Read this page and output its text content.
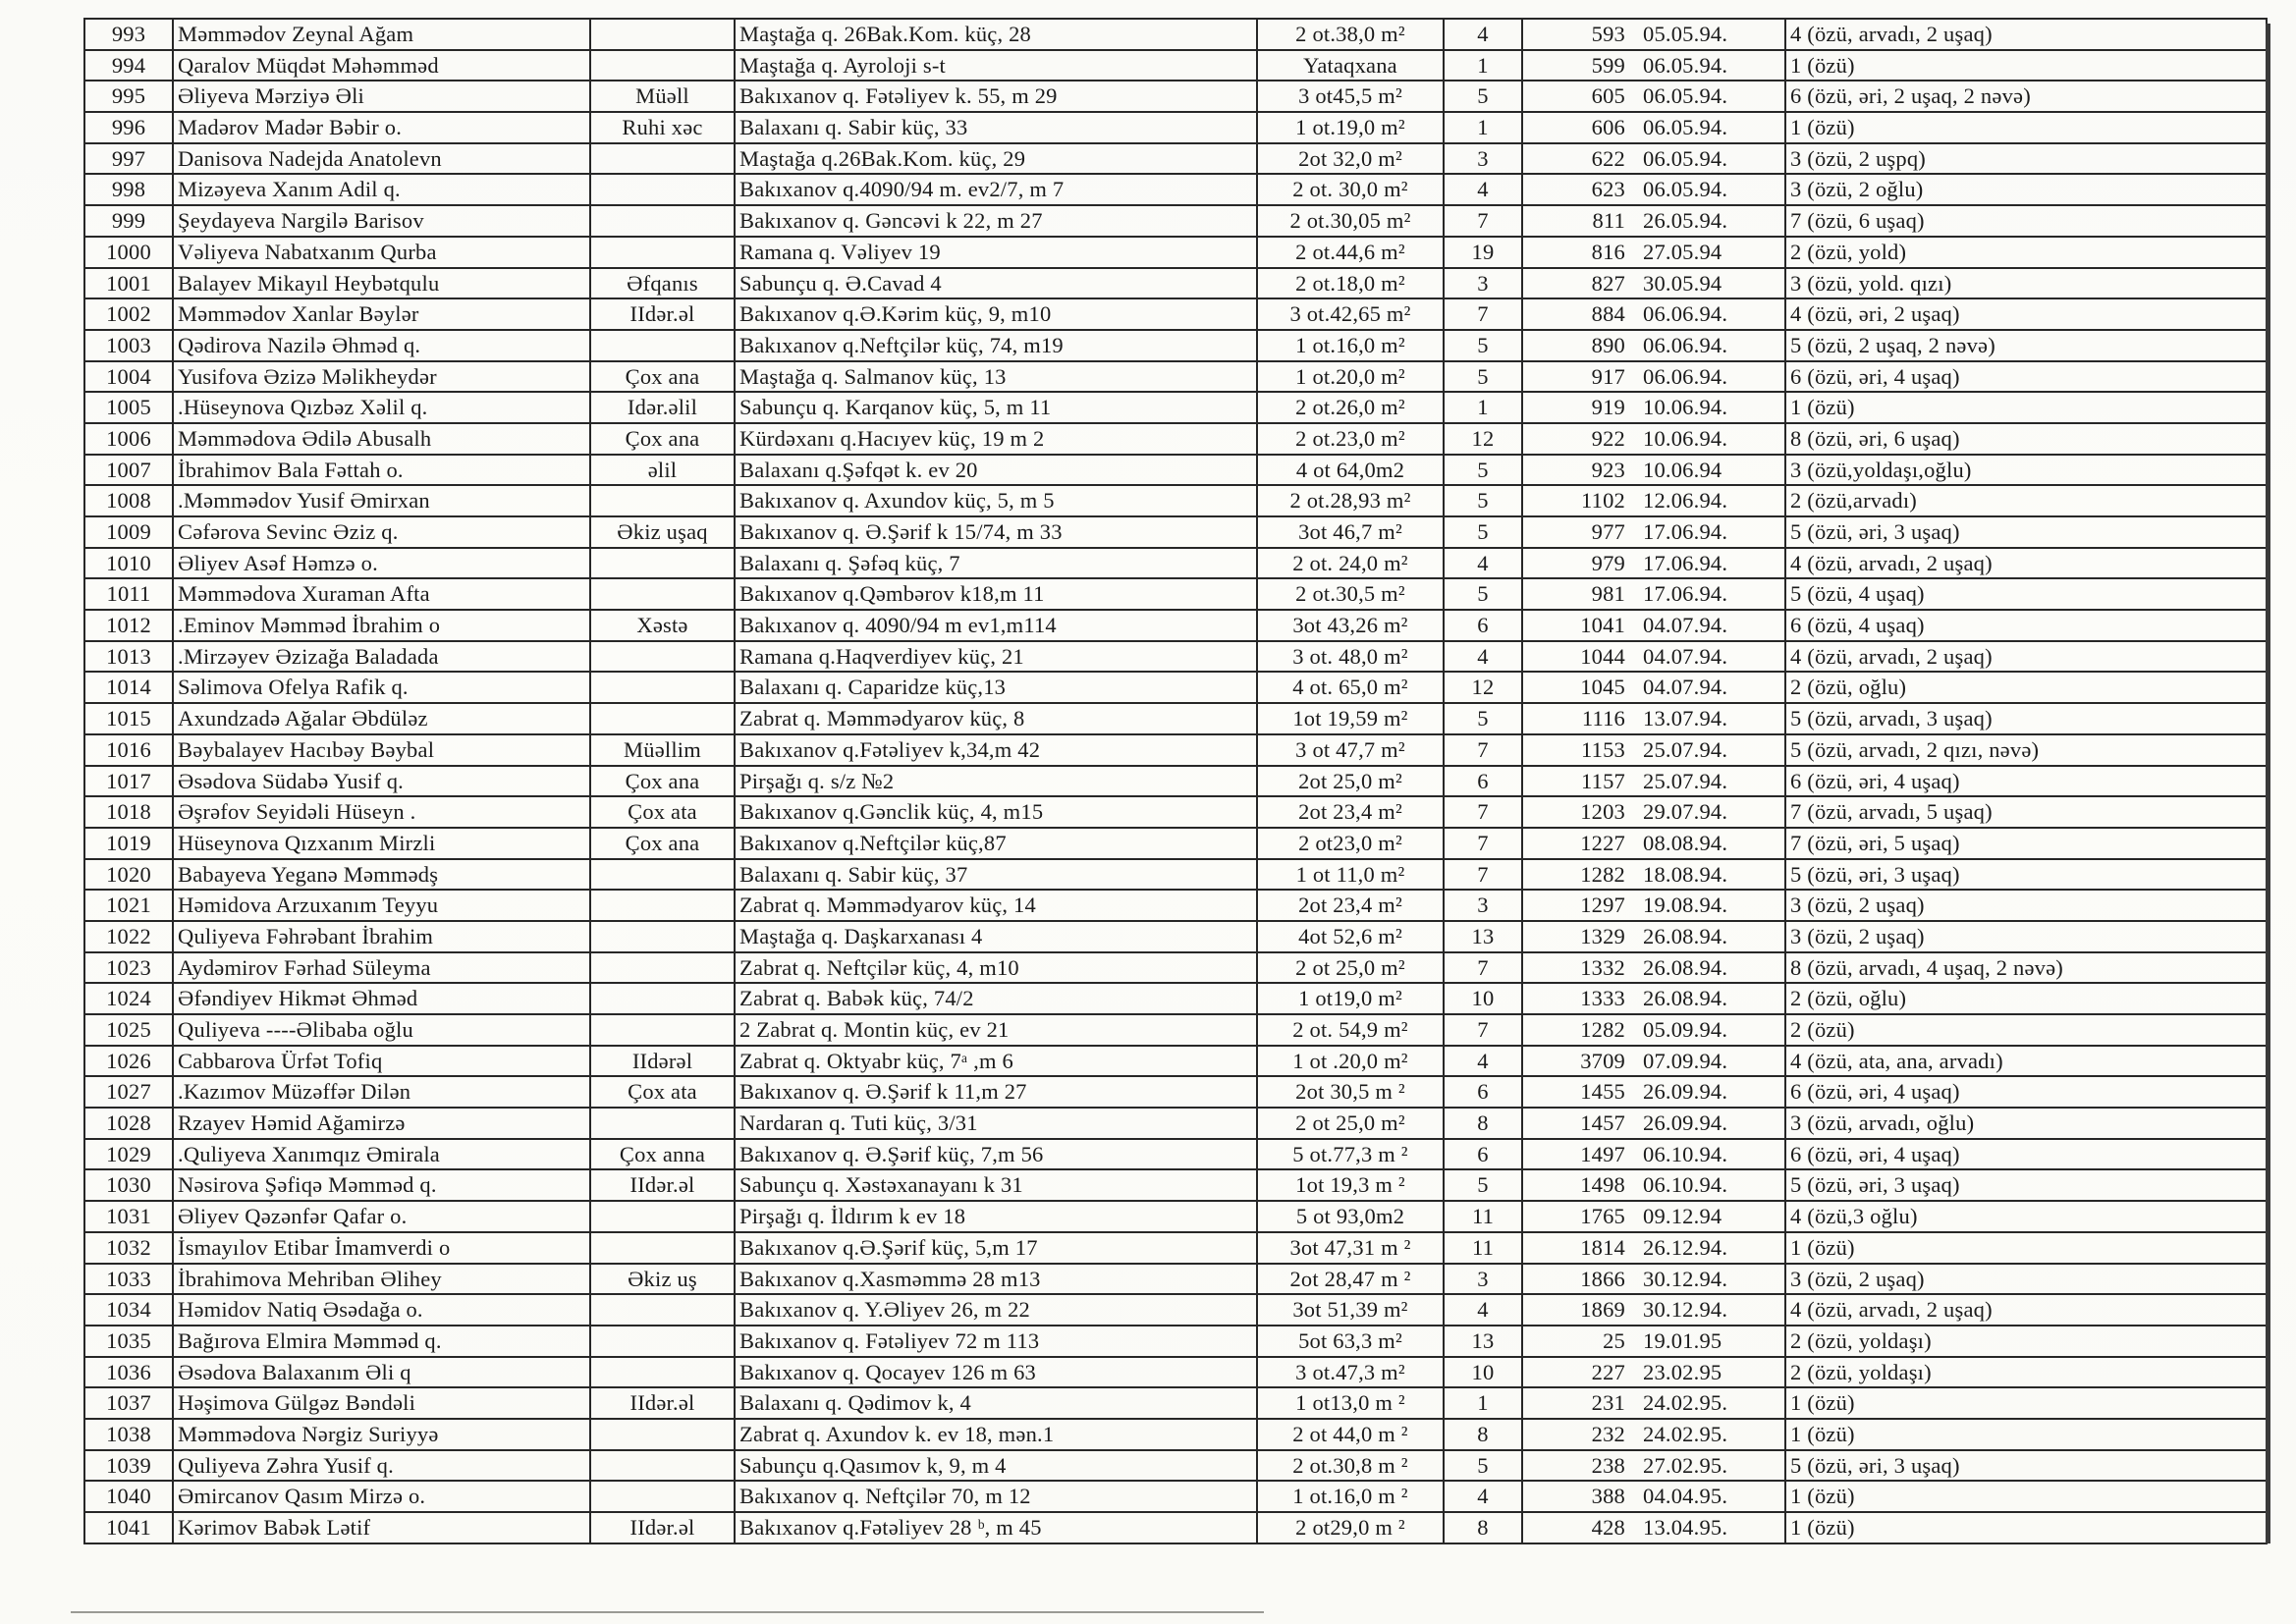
993	Məmmədov Zeynal Ağam		Maştağa q. 26Bak.Kom. küç, 28	2 ot.38,0 m²	4	593 05.05.94.	4 (özü, arvadı, 2 uşaq)
994	Qaralov Müqdət Məhəmməd		Maştağa q. Ayroloji s-t	Yataqxana	1	599 06.05.94.	1 (özü)
995	Əliyeva Mərziyə Əli	Müəll	Bakıxanov q. Fətəliyev k. 55, m 29	3 ot45,5 m²	5	605 06.05.94.	6 (özü, əri, 2 uşaq, 2 nəvə)
996	Madərov Madər Bəbir o.	Ruhi xəc	Balaxanı q. Sabir küç, 33	1 ot.19,0 m²	1	606 06.05.94.	1 (özü)
997	Danisova Nadejda Anatolevn		Maştağa q.26Bak.Kom. küç, 29	2ot 32,0 m²	3	622 06.05.94.	3 (özü, 2 uşpq)
998	Mizəyeva Xanım Adil q.		Bakıxanov q.4090/94 m. ev2/7, m 7	2 ot. 30,0 m²	4	623 06.05.94.	3 (özü, 2 oğlu)
999	Şeydayeva Nargilə Barisov		Bakıxanov q. Gəncəvi k 22, m 27	2 ot.30,05 m²	7	811 26.05.94.	7 (özü, 6 uşaq)
1000	Vəliyeva Nabatxanım Qurba		Ramana q. Vəliyev 19	2 ot.44,6 m²	19	816 27.05.94	2 (özü, yold)
1001	Balayev Mikayıl Heybətqulu	Əfqanıs	Sabunçu q. Ə.Cavad 4	2 ot.18,0 m²	3	827 30.05.94	3 (özü, yold. qızı)
1002	Məmmədov Xanlar Bəylər	IIdər.əl	Bakıxanov q.Ə.Kərim küç, 9, m10	3 ot.42,65 m²	7	884 06.06.94.	4 (özü, əri, 2 uşaq)
1003	Qədirova Nazilə Əhməd q.		Bakıxanov q.Neftçilər küç, 74, m19	1 ot.16,0 m²	5	890 06.06.94.	5 (özü, 2 uşaq, 2 nəvə)
1004	Yusifova Əzizə Məlikheydər	Çox ana	Maştağa q. Salmanov küç, 13	1 ot.20,0 m²	5	917 06.06.94.	6 (özü, əri, 4 uşaq)
1005	.Hüseynova Qızbəz Xəlil q.	Idər.əlil	Sabunçu q. Karqanov küç, 5, m 11	2 ot.26,0 m²	1	919 10.06.94.	1 (özü)
1006	Məmmədova Ədilə Abusalh	Çox ana	Kürdəxanı q.Hacıyev küç, 19 m 2	2 ot.23,0 m²	12	922 10.06.94.	8 (özü, əri, 6 uşaq)
1007	İbrahimov Bala Fəttah o.	əlil	Balaxanı q.Şəfqət k. ev 20	4 ot 64,0m2	5	923 10.06.94	3 (özü,yoldaşı,oğlu)
1008	.Məmmədov Yusif Əmirxan		Bakıxanov q. Axundov küç, 5, m 5	2 ot.28,93 m²	5	1102 12.06.94.	2 (özü,arvadı)
1009	Cəfərova Sevinc Əziz q.	Əkiz uşaq	Bakıxanov q. Ə.Şərif k 15/74, m 33	3ot 46,7 m²	5	977 17.06.94.	5 (özü, əri, 3 uşaq)
1010	Əliyev Asəf Həmzə o.		Balaxanı q. Şəfəq küç, 7	2 ot. 24,0 m²	4	979 17.06.94.	4 (özü, arvadı, 2 uşaq)
1011	Məmmədova Xuraman Afta		Bakıxanov q.Qəmbərov k18,m 11	2 ot.30,5 m²	5	981 17.06.94.	5 (özü, 4 uşaq)
1012	.Eminov Məmməd İbrahim o	Xəstə	Bakıxanov q. 4090/94 m ev1,m114	3ot 43,26 m²	6	1041 04.07.94.	6 (özü, 4 uşaq)
1013	.Mirzəyev Əzizağa Baladada		Ramana q.Haqverdiyev küç, 21	3 ot. 48,0 m²	4	1044 04.07.94.	4 (özü, arvadı, 2 uşaq)
1014	Səlimova Ofelya Rafik q.		Balaxanı q. Caparidze küç,13	4 ot. 65,0 m²	12	1045 04.07.94.	2 (özü, oğlu)
1015	Axundzadə Ağalar Əbdüləz		Zabrat q. Məmmədyarov küç, 8	1ot 19,59 m²	5	1116 13.07.94.	5 (özü, arvadı, 3 uşaq)
1016	Bəybalayev Hacıbəy Bəybal	Müəllim	Bakıxanov q.Fətəliyev k,34,m 42	3 ot 47,7 m²	7	1153 25.07.94.	5 (özü, arvadı, 2 qızı, nəvə)
1017	Əsədova Südabə Yusif q.	Çox ana	Pirşağı q. s/z №2	2ot 25,0 m²	6	1157 25.07.94.	6 (özü, əri, 4 uşaq)
1018	Əşrəfov Seyidəli Hüseyn .	Çox ata	Bakıxanov q.Gənclik küç, 4, m15	2ot 23,4 m²	7	1203 29.07.94.	7 (özü, arvadı, 5 uşaq)
1019	Hüseynova Qızxanım Mirzli	Çox ana	Bakıxanov q.Neftçilər küç,87	2 ot23,0 m²	7	1227 08.08.94.	7 (özü, əri, 5 uşaq)
1020	Babayeva Yeganə Məmmədş		Balaxanı q. Sabir küç, 37	1 ot 11,0 m²	7	1282 18.08.94.	5 (özü, əri, 3 uşaq)
1021	Həmidova Arzuxanım Teyyu		Zabrat q. Məmmədyarov küç, 14	2ot 23,4 m²	3	1297 19.08.94.	3 (özü, 2 uşaq)
1022	Quliyeva Fəhrəbant İbrahim		Maştağa q. Daşkarxanası 4	4ot 52,6 m²	13	1329 26.08.94.	3 (özü, 2 uşaq)
1023	Aydəmirov Fərhad Süleyma		Zabrat q. Neftçilər küç, 4, m10	2 ot 25,0 m²	7	1332 26.08.94.	8 (özü, arvadı, 4 uşaq, 2 nəvə)
1024	Əfəndiyev Hikmət Əhməd		Zabrat q. Babək küç, 74/2	1 ot19,0 m²	10	1333 26.08.94.	2 (özü, oğlu)
1025	Quliyeva ----Əlibaba oğlu		2 Zabrat q. Montin küç, ev 21	2 ot. 54,9 m²	7	1282 05.09.94.	2 (özü)
1026	Cabbarova Ürfət Tofiq	IIdərəl	Zabrat q. Oktyabr küç, 7ᵃ ,m 6	1 ot .20,0 m²	4	3709 07.09.94.	4 (özü, ata, ana, arvadı)
1027	.Kazımov Müzəffər Dilən	Çox ata	Bakıxanov q. Ə.Şərif k 11,m 27	2ot 30,5 m ²	6	1455 26.09.94.	6 (özü, əri, 4 uşaq)
1028	Rzayev Həmid Ağamirzə		Nardaran q. Tuti küç, 3/31	2 ot 25,0 m²	8	1457 26.09.94.	3 (özü, arvadı, oğlu)
1029	.Quliyeva Xanımqız Əmirala	Çox anna	Bakıxanov q. Ə.Şərif küç, 7,m 56	5 ot.77,3 m ²	6	1497 06.10.94.	6 (özü, əri, 4 uşaq)
1030	Nəsirova Şəfiqə Məmməd q.	IIdər.əl	Sabunçu q. Xəstəxanayanı k 31	1ot 19,3 m ²	5	1498 06.10.94.	5 (özü, əri, 3 uşaq)
1031	Əliyev Qəzənfər Qafar o.		Pirşağı q. İldırım k ev 18	5 ot 93,0m2	11	1765 09.12.94	4 (özü,3 oğlu)
1032	İsmayılov Etibar İmamverdi o		Bakıxanov q.Ə.Şərif küç, 5,m 17	3ot 47,31 m ²	11	1814 26.12.94.	1 (özü)
1033	İbrahimova Mehriban Əlihey	Əkiz uş	Bakıxanov q.Xasməmmə 28 m13	2ot 28,47 m ²	3	1866 30.12.94.	3 (özü, 2 uşaq)
1034	Həmidov Natiq Əsədağa o.		Bakıxanov q. Y.Əliyev 26, m 22	3ot 51,39 m²	4	1869 30.12.94.	4 (özü, arvadı, 2 uşaq)
1035	Bağırova Elmira Məmməd q.		Bakıxanov q. Fətəliyev 72 m 113	5ot 63,3 m²	13	25 19.01.95	2 (özü, yoldaşı)
1036	Əsədova Balaxanım Əli q		Bakıxanov q. Qocayev 126 m 63	3 ot.47,3 m²	10	227 23.02.95	2 (özü, yoldaşı)
1037	Həşimova Gülgəz Bəndəli	IIdər.əl	Balaxanı q. Qədimov k, 4	1 ot13,0 m ²	1	231 24.02.95.	1 (özü)
1038	Məmmədova Nərgiz Suriyyə		Zabrat q. Axundov k. ev 18, mən.1	2 ot 44,0 m ²	8	232 24.02.95.	1 (özü)
1039	Quliyeva Zəhra Yusif q.		Sabunçu q.Qasımov k, 9, m 4	2 ot.30,8 m ²	5	238 27.02.95.	5 (özü, əri, 3 uşaq)
1040	Əmircanov Qasım Mirzə o.		Bakıxanov q. Neftçilər 70, m 12	1 ot.16,0 m ²	4	388 04.04.95.	1 (özü)
1041	Kərimov Babək Lətif	IIdər.əl	Bakıxanov q.Fətəliyev 28 ᵇ, m 45	2 ot29,0 m ²	8	428 13.04.95.	1 (özü)
